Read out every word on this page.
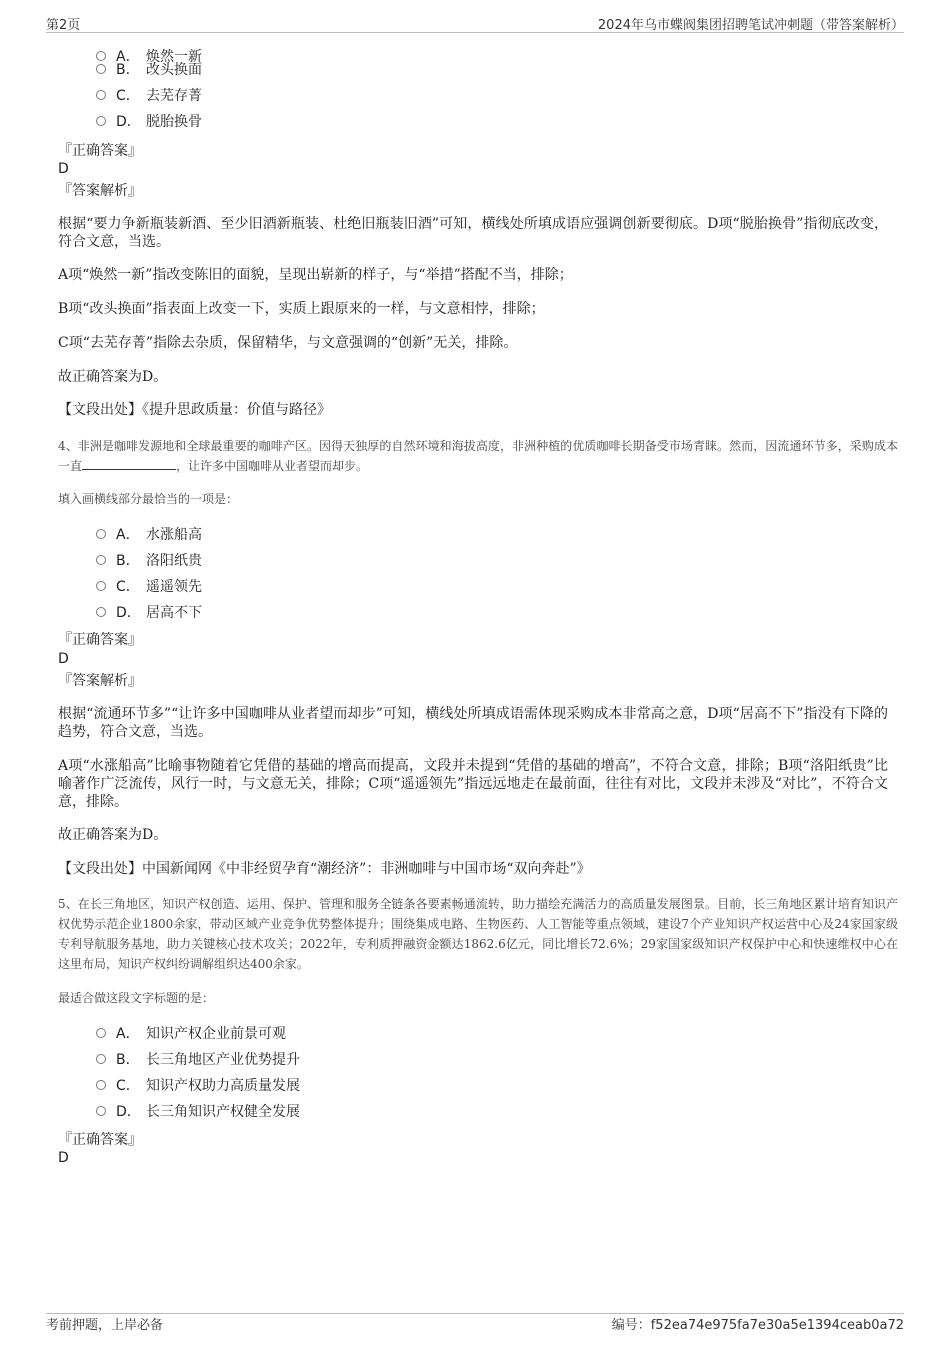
第2页	2024年乌市蝶阀集团招聘笔试冲刺题（带答案解析）
A． 焕然一新
B． 改头换面
C． 去芜存菁
D． 脱胎换骨
『正确答案』
D
『答案解析』
根据“要力争新瓶装新酒、至少旧酒新瓶装、杜绝旧瓶装旧酒”可知，横线处所填成语应强调创新要彻底。D项“脱胎换骨”指彻底改变，符合文意，当选。
A项“焕然一新”指改变陈旧的面貌，呈现出崭新的样子，与“举措”搭配不当，排除；
B项“改头换面”指表面上改变一下，实质上跟原来的一样，与文意相悖，排除；
C项“去芜存菁”指除去杂质，保留精华，与文意强调的“创新”无关，排除。
故正确答案为D。
【文段出处】《提升思政质量：价值与路径》
4、非洲是咖啡发源地和全球最重要的咖啡产区。因得天独厚的自然环境和海拔高度，非洲种植的优质咖啡长期备受市场青睐。然而，因流通环节多，采购成本一直	，让许多中国咖啡从业者望而却步。
填入画横线部分最恰当的一项是：
A． 水涨船高
B． 洛阳纸贵
C． 遥遥领先
D． 居高不下
『正确答案』
D
『答案解析』
根据“流通环节多”“让许多中国咖啡从业者望而却步”可知，横线处所填成语需体现采购成本非常高之意，D项“居高不下”指没有下降的趋势，符合文意，当选。
A项“水涨船高”比喻事物随着它凭借的基础的增高而提高，文段并未提到“凭借的基础的增高”，不符合文意，排除；B项“洛阳纸贵”比喻著作广泛流传，风行一时，与文意无关，排除；C项“遥遥领先”指远远地走在最前面，往往有对比，文段并未涉及“对比”，不符合文意，排除。
故正确答案为D。
【文段出处】中国新闻网《中非经贸孕育“潮经济”：非洲咖啡与中国市场“双向奔赴”》
5、在长三角地区，知识产权创造、运用、保护、管理和服务全链条各要素畅通流转，助力描绘充满活力的高质量发展图景。目前，长三角地区累计培育知识产权优势示范企业1800余家，带动区域产业竞争优势整体提升；围绕集成电路、生物医药、人工智能等重点领域，建设7个产业知识产权运营中心及24家国家级专利导航服务基地，助力关键核心技术攻关；2022年，专利质押融资金额达1862.6亿元，同比增长72.6%；29家国家级知识产权保护中心和快速维权中心在这里布局，知识产权纠纷调解组织达400余家。
最适合做这段文字标题的是：
A． 知识产权企业前景可观
B． 长三角地区产业优势提升
C． 知识产权助力高质量发展
D． 长三角知识产权健全发展
『正确答案』
D
考前押题，上岸必备	编号：f52ea74e975fa7e30a5e1394ceab0a72
